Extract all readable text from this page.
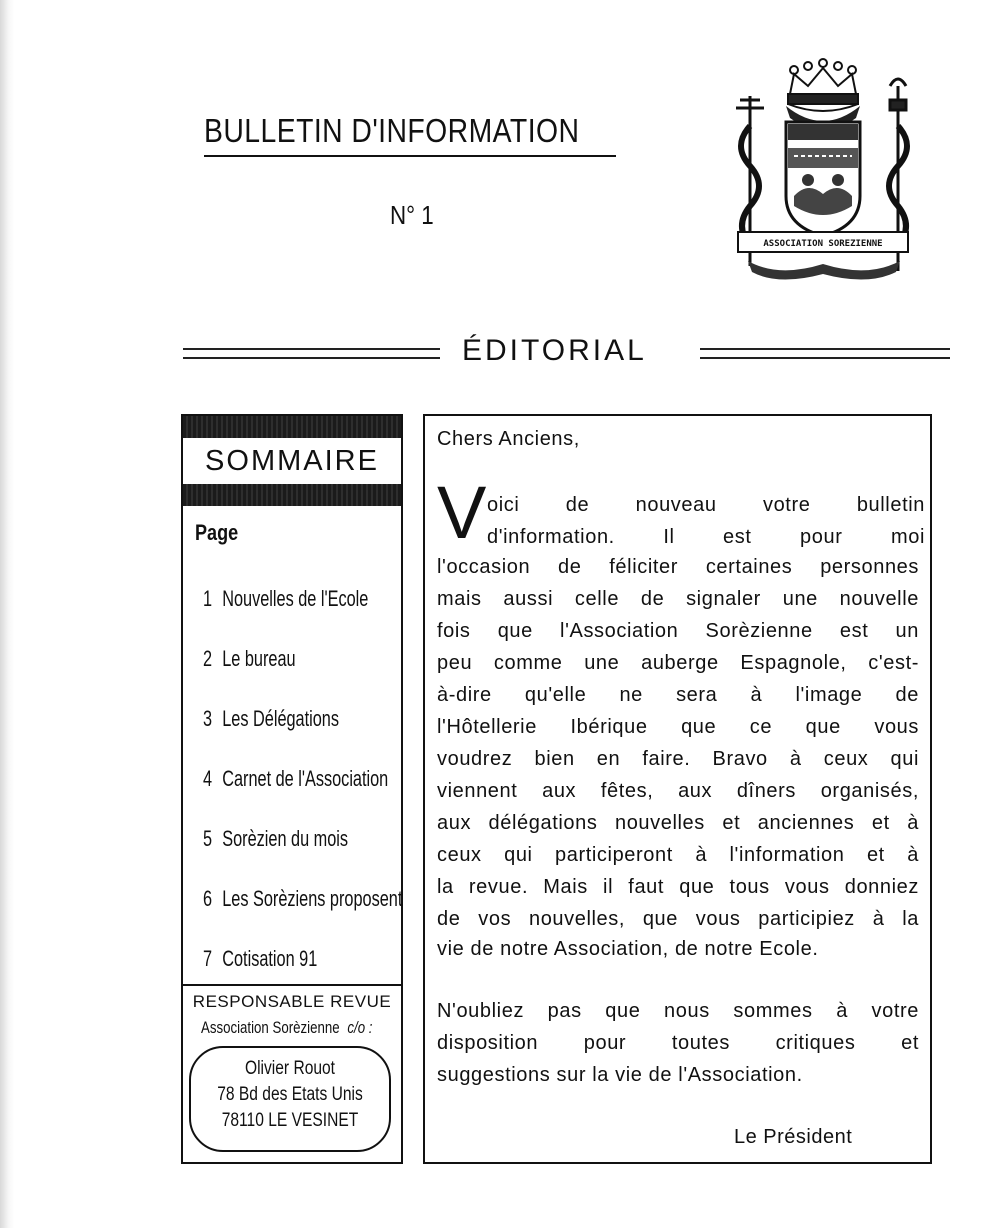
BULLETIN D'INFORMATION
N° 1
ASSOCIATION SOREZIENNE
ÉDITORIAL
SOMMAIRE
Page
1 Nouvelles de l'Ecole
2 Le bureau
3 Les Délégations
4 Carnet de l'Association
5 Sorèzien du mois
6 Les Sorèziens proposent
7 Cotisation 91
RESPONSABLE REVUE
Association Sorèzienne c/o :
Olivier Rouot
78 Bd des Etats Unis
78110 LE VESINET
Chers Anciens,
V oici de nouveau votre bulletin
d'information. Il est pour moi
l'occasion de féliciter certaines personnes
mais aussi celle de signaler une nouvelle
fois que l'Association Sorèzienne est un
peu comme une auberge Espagnole, c'est-
à-dire qu'elle ne sera à l'image de
l'Hôtellerie Ibérique que ce que vous
voudrez bien en faire. Bravo à ceux qui
viennent aux fêtes, aux dîners organisés,
aux délégations nouvelles et anciennes et à
ceux qui participeront à l'information et à
la revue. Mais il faut que tous vous donniez
de vos nouvelles, que vous participiez à la
vie de notre Association, de notre Ecole.
N'oubliez pas que nous sommes à votre
disposition pour toutes critiques et
suggestions sur la vie de l'Association.
Le Président
